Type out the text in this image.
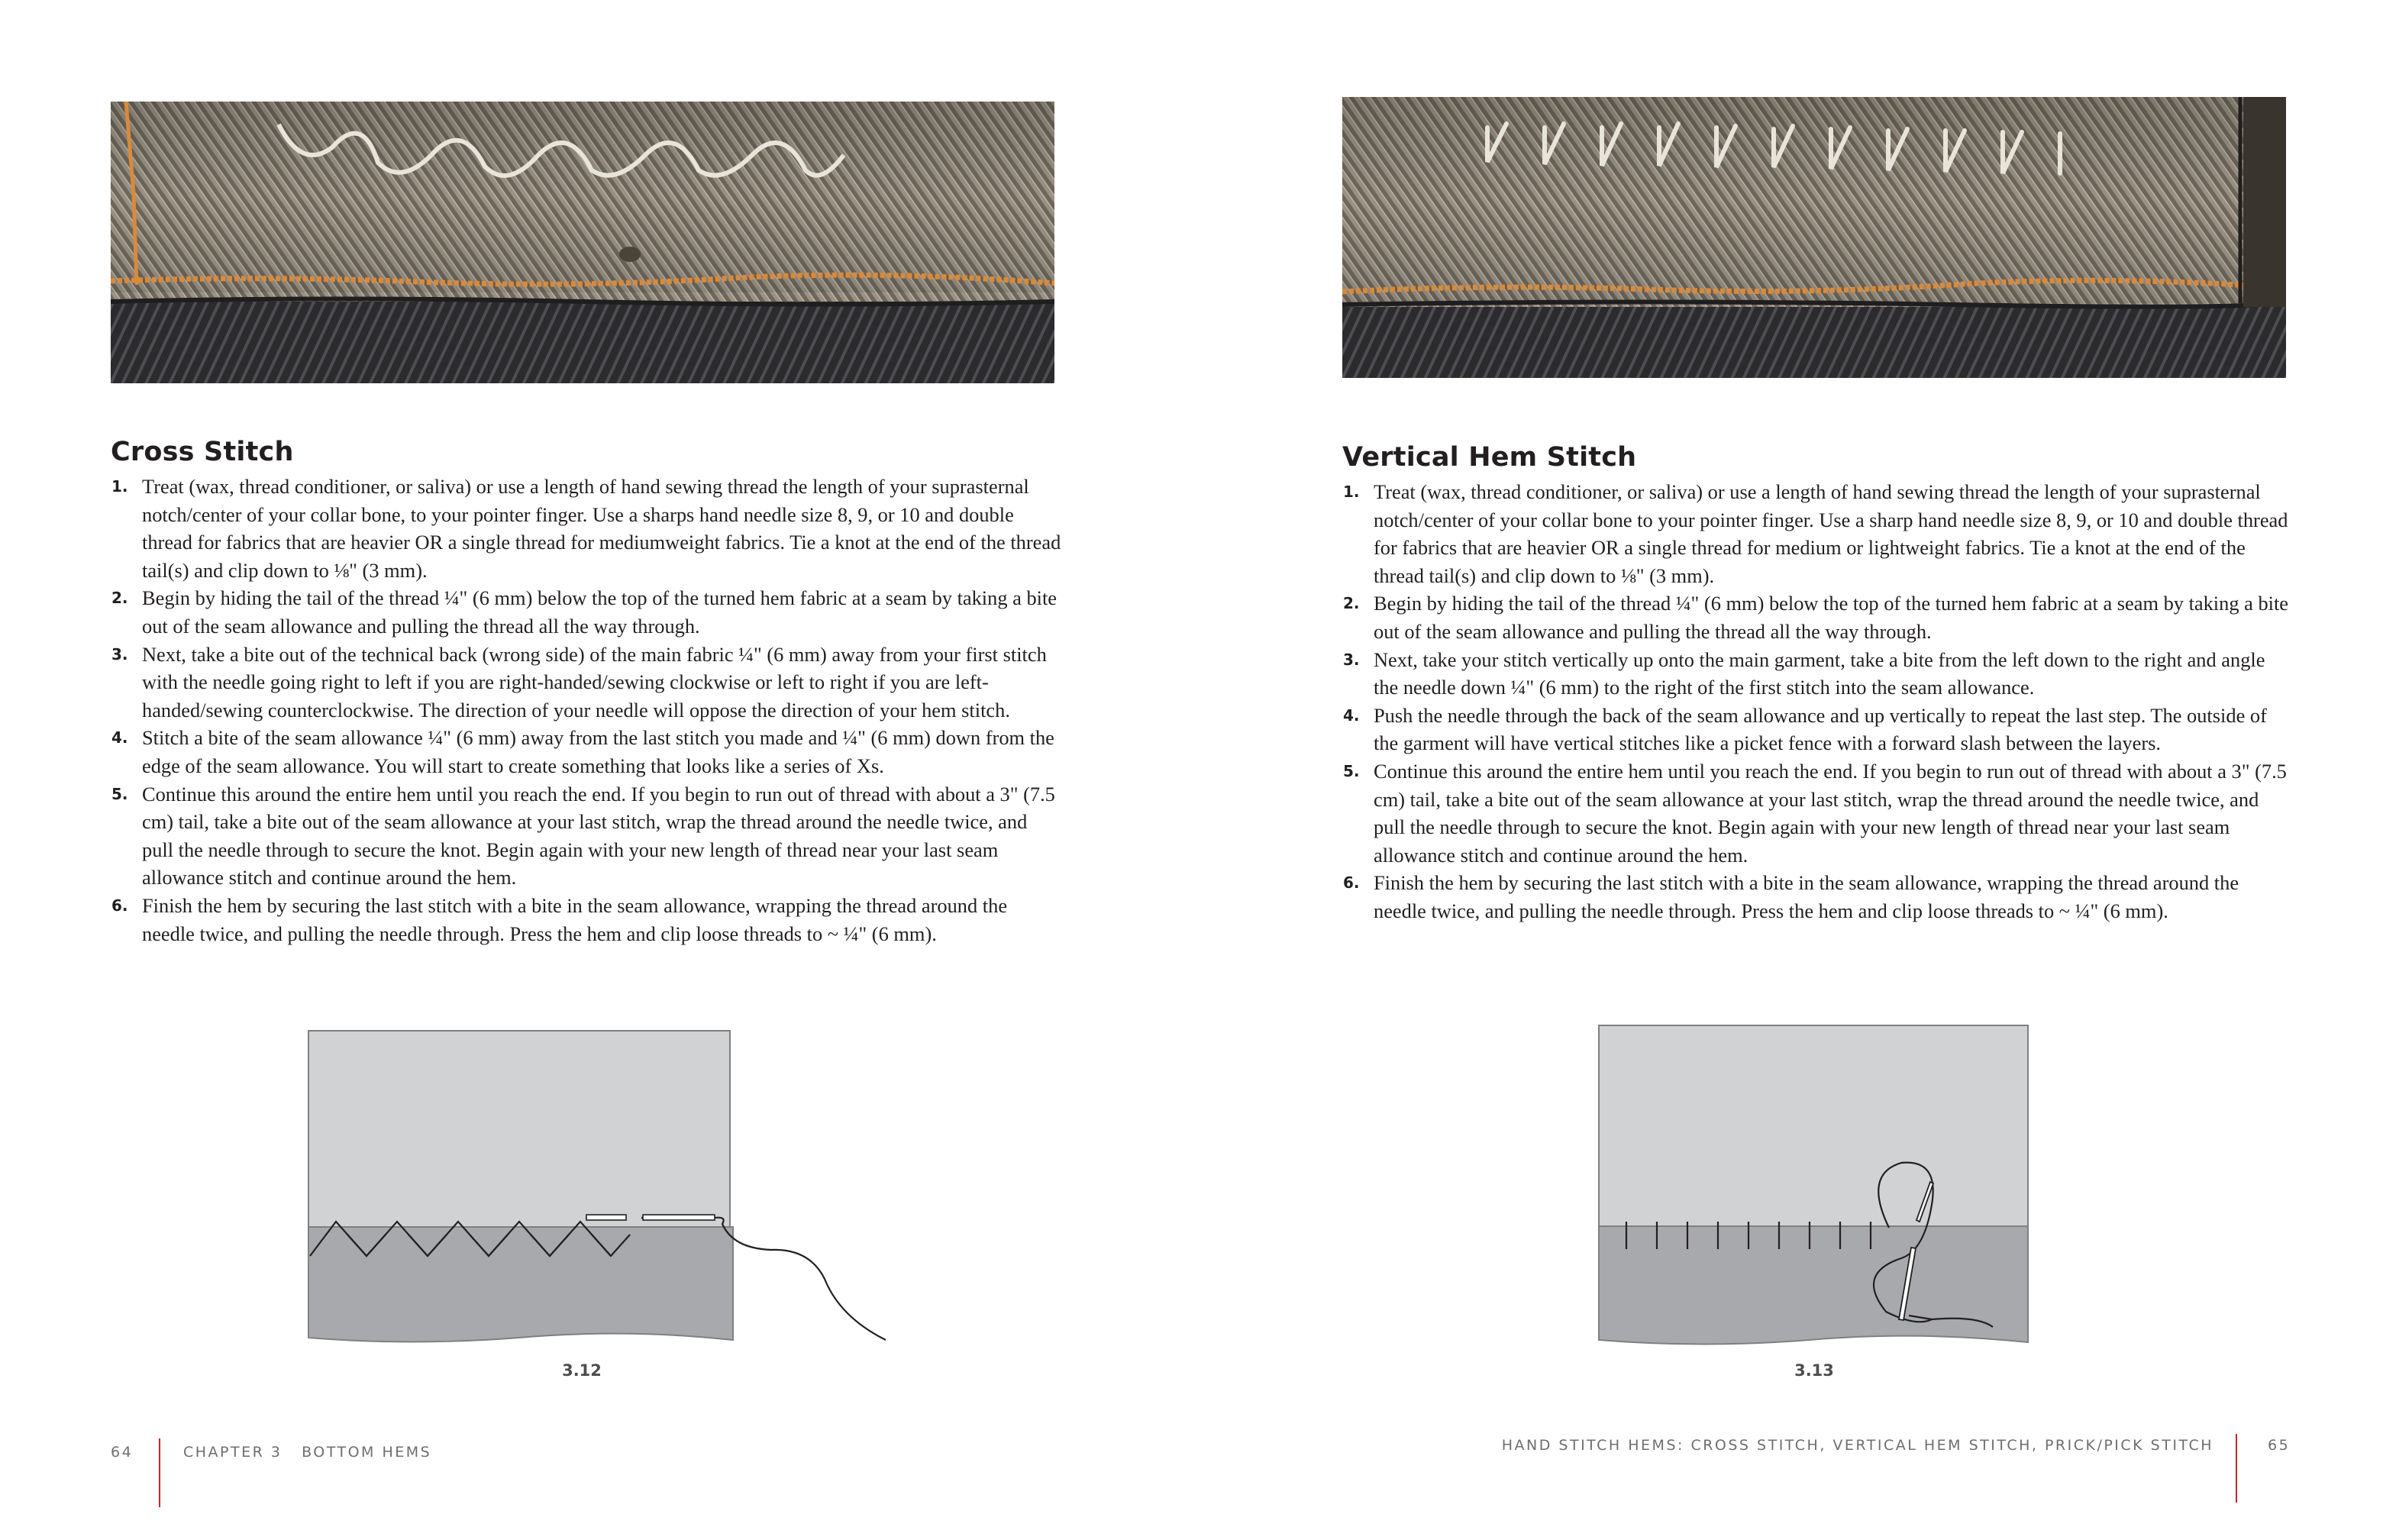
Cross Stitch
1. Treat (wax, thread conditioner, or saliva) or use a length of hand sewing thread the length of your suprasternal notch/center of your collar bone, to your pointer finger. Use a sharps hand needle size 8, 9, or 10 and double thread for fabrics that are heavier OR a single thread for mediumweight fabrics. Tie a knot at the end of the thread tail(s) and clip down to ⅛" (3 mm).
2. Begin by hiding the tail of the thread ¼" (6 mm) below the top of the turned hem fabric at a seam by taking a bite out of the seam allowance and pulling the thread all the way through.
3. Next, take a bite out of the technical back (wrong side) of the main fabric ¼" (6 mm) away from your first stitch with the needle going right to left if you are right-handed/sewing clockwise or left to right if you are left-handed/sewing counterclockwise. The direction of your needle will oppose the direction of your hem stitch.
4. Stitch a bite of the seam allowance ¼" (6 mm) away from the last stitch you made and ¼" (6 mm) down from the edge of the seam allowance. You will start to create something that looks like a series of Xs.
5. Continue this around the entire hem until you reach the end. If you begin to run out of thread with about a 3" (7.5 cm) tail, take a bite out of the seam allowance at your last stitch, wrap the thread around the needle twice, and pull the needle through to secure the knot. Begin again with your new length of thread near your last seam allowance stitch and continue around the hem.
6. Finish the hem by securing the last stitch with a bite in the seam allowance, wrapping the thread around the needle twice, and pulling the needle through. Press the hem and clip loose threads to ~ ¼" (6 mm).
3.12
64	CHAPTER 3   BOTTOM HEMS
Vertical Hem Stitch
1. Treat (wax, thread conditioner, or saliva) or use a length of hand sewing thread the length of your suprasternal notch/center of your collar bone to your pointer finger. Use a sharp hand needle size 8, 9, or 10 and double thread for fabrics that are heavier OR a single thread for medium or lightweight fabrics. Tie a knot at the end of the thread tail(s) and clip down to ⅛" (3 mm).
2. Begin by hiding the tail of the thread ¼" (6 mm) below the top of the turned hem fabric at a seam by taking a bite out of the seam allowance and pulling the thread all the way through.
3. Next, take your stitch vertically up onto the main garment, take a bite from the left down to the right and angle the needle down ¼" (6 mm) to the right of the first stitch into the seam allowance.
4. Push the needle through the back of the seam allowance and up vertically to repeat the last step. The outside of the garment will have vertical stitches like a picket fence with a forward slash between the layers.
5. Continue this around the entire hem until you reach the end. If you begin to run out of thread with about a 3" (7.5 cm) tail, take a bite out of the seam allowance at your last stitch, wrap the thread around the needle twice, and pull the needle through to secure the knot. Begin again with your new length of thread near your last seam allowance stitch and continue around the hem.
6. Finish the hem by securing the last stitch with a bite in the seam allowance, wrapping the thread around the needle twice, and pulling the needle through. Press the hem and clip loose threads to ~ ¼" (6 mm).
3.13
HAND STITCH HEMS: CROSS STITCH, VERTICAL HEM STITCH, PRICK/PICK STITCH	65
